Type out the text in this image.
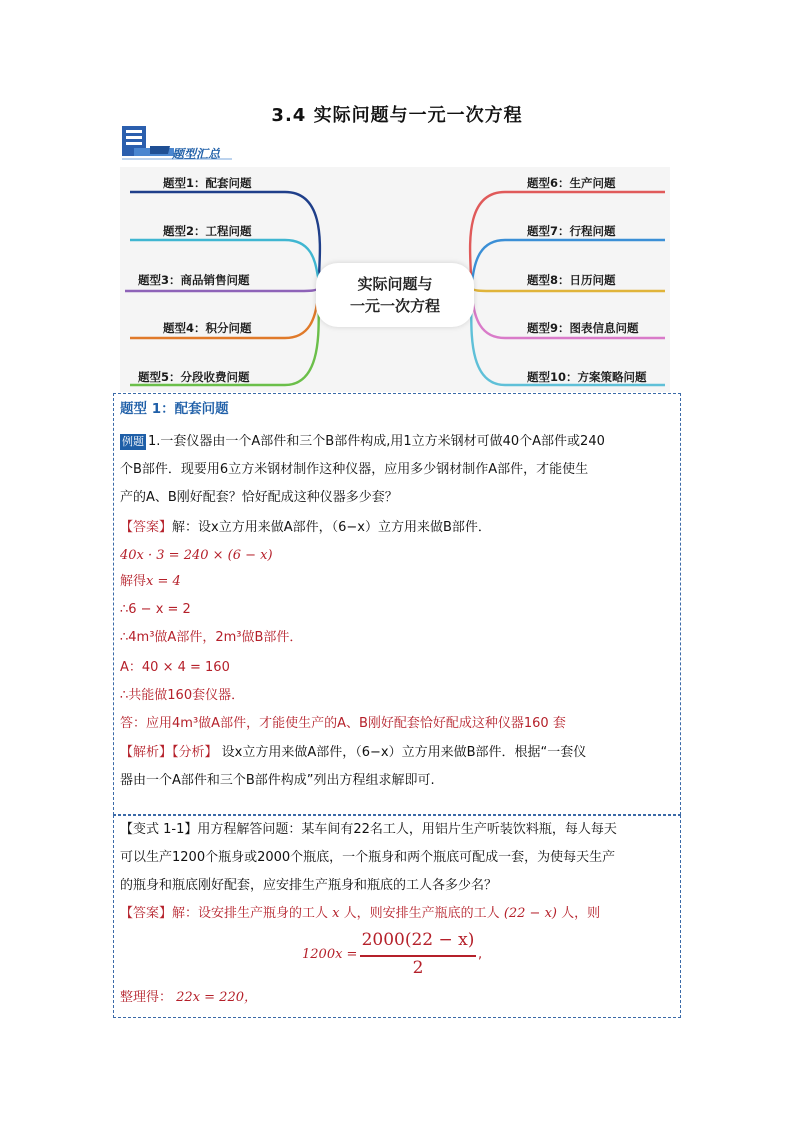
3.4 实际问题与一元一次方程
题型汇总
题型1：配套问题
题型2：工程问题
题型3：商品销售问题
题型4：积分问题
题型5：分段收费问题
题型6：生产问题
题型7：行程问题
题型8：日历问题
题型9：图表信息问题
题型10：方案策略问题
实际问题与
一元一次方程
题型 1：配套问题
例题 1.一套仪器由一个A部件和三个B部件构成,用1立方米钢材可做40个A部件或240
个B部件．现要用6立方米钢材制作这种仪器，应用多少钢材制作A部件，才能使生
产的A、B刚好配套？恰好配成这种仪器多少套？
【答案】解：设x立方用来做A部件，（6−x）立方用来做B部件．
40x · 3 = 240 × (6 − x)
解得x = 4
∴6 − x = 2
∴4m³做A部件，2m³做B部件．
A：40 × 4 = 160
∴共能做160套仪器．
答：应用4m³做A部件，才能使生产的A、B刚好配套恰好配成这种仪器160 套
【解析】【分析】 设x立方用来做A部件，（6−x）立方用来做B部件．根据“一套仪
器由一个A部件和三个B部件构成”列出方程组求解即可.
【变式 1-1】用方程解答问题：某车间有22名工人，用铝片生产听装饮料瓶，每人每天
可以生产1200个瓶身或2000个瓶底，一个瓶身和两个瓶底可配成一套，为使每天生产
的瓶身和瓶底刚好配套，应安排生产瓶身和瓶底的工人各多少名？
【答案】解：设安排生产瓶身的工人 x 人，则安排生产瓶底的工人 (22 − x) 人，则
1200x =
2000(22 − x)
2
,
整理得： 22x = 220，
